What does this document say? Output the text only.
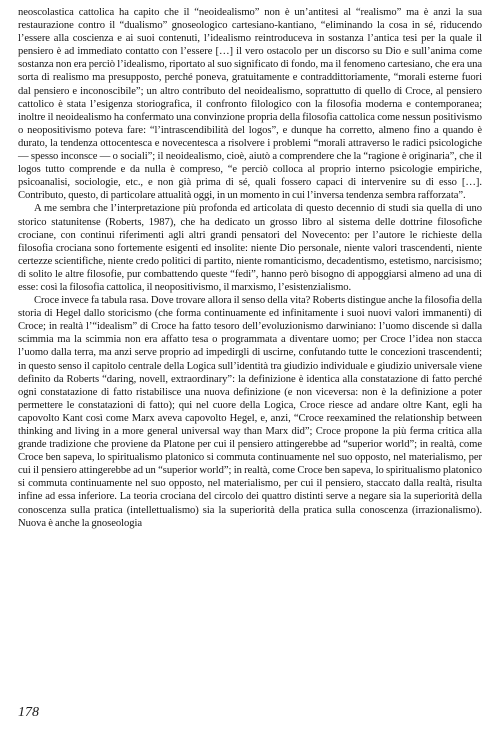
neoscolastica cattolica ha capito che il “neoidealismo” non è un’antitesi al “realismo” ma è anzi la sua restaurazione contro il “dualismo” gnoseologico cartesiano-kantiano, “eliminando la cosa in sé, riducendo l’essere alla coscienza e ai suoi contenuti, l’idealismo reintroduceva in sostanza l’antica tesi per la quale il pensiero è ad immediato contatto con l’essere […] il vero ostacolo per un discorso su Dio e sull’anima come sostanza non era perciò l’idealismo, riportato al suo significato di fondo, ma il fenomeno cartesiano, che era una sorta di realismo ma presupposto, perché poneva, gratuitamente e contraddittoriamente, “morali esterne fuori dal pensiero e inconoscibile”; un altro contributo del neoidealismo, soprattutto di quello di Croce, al pensiero cattolico è stata l’esigenza storiografica, il confronto filologico con la filosofia moderna e contemporanea; inoltre il neoidealismo ha confermato una convinzione propria della filosofia cattolica come nessun positivismo o neopositivismo poteva fare: “l’intrascendibilità del logos”, e dunque ha corretto, almeno fino a quando è durato, la tendenza ottocentesca e novecentesca a risolvere i problemi “morali attraverso le radici psicologiche — spesso inconsce — o sociali”; il neoidealismo, cioè, aiutò a comprendere che la “ragione è originaria”, che il logos tutto comprende e da nulla è compreso, “e perciò colloca al proprio interno psicologie empiriche, psicoanalisi, sociologie, etc., e non già prima di sé, quali fossero capaci di intervenire su di esso […]. Contributo, questo, di particolare attualità oggi, in un momento in cui l’inversa tendenza sembra rafforzata”.

A me sembra che l’interpretazione più profonda ed articolata di questo decennio di studi sia quella di uno storico statunitense (Roberts, 1987), che ha dedicato un grosso libro al sistema delle dottrine filosofiche crociane, con continui riferimenti agli altri grandi pensatori del Novecento: per l’autore le richieste della filosofia crociana sono fortemente esigenti ed insolite: niente Dio personale, niente valori trascendenti, niente certezze scientifiche, niente credo politici di partito, niente romanticismo, decadentismo, estetismo, narcisismo; di solito le altre filosofie, pur combattendo queste “fedi”, hanno però bisogno di appoggiarsi almeno ad una di esse: così la filosofia cattolica, il neopositivismo, il marxismo, l’esistenzialismo.

Croce invece fa tabula rasa. Dove trovare allora il senso della vita? Roberts distingue anche la filosofia della storia di Hegel dallo storicismo (che forma continuamente ed infinitamente i suoi nuovi valori immanenti) di Croce; in realtà l’“idealism” di Croce ha fatto tesoro dell’evoluzionismo darwiniano: l’uomo discende sì dalla scimmia ma la scimmia non era affatto tesa o programmata a diventare uomo; per Croce l’idea non stacca l’uomo dalla terra, ma anzi serve proprio ad impedirgli di uscirne, confutando tutte le concezioni trascendenti; in questo senso il capitolo centrale della Logica sull’identità tra giudizio individuale e giudizio universale viene definito da Roberts “daring, novell, extraordinary”: la definizione è identica alla constatazione di fatto perché ogni constatazione di fatto ristabilisce una nuova definizione (e non viceversa: non è la definizione a poter permettere le constatazioni di fatto); qui nel cuore della Logica, Croce riesce ad andare oltre Kant, egli ha capovolto Kant così come Marx aveva capovolto Hegel, e, anzi, “Croce reexamined the relationship between thinking and living in a more general universal way than Marx did”; Croce propone la più ferma critica alla grande tradizione che proviene da Platone per cui il pensiero attingerebbe ad “superior world”; in realtà, come Croce ben sapeva, lo spiritualismo platonico si commuta continuamente nel suo opposto, nel materialismo, per cui il pensiero attingerebbe ad un “superior world”; in realtà, come Croce ben sapeva, lo spiritualismo platonico si commuta continuamente nel suo opposto, nel materialismo, per cui il pensiero, staccato dalla realtà, risulta infine ad essa inferiore. La teoria crociana del circolo dei quattro distinti serve a negare sia la superiorità della conoscenza sulla pratica (intellettualismo) sia la superiorità della pratica sulla conoscenza (irrazionalismo). Nuova è anche la gnoseologia

178
